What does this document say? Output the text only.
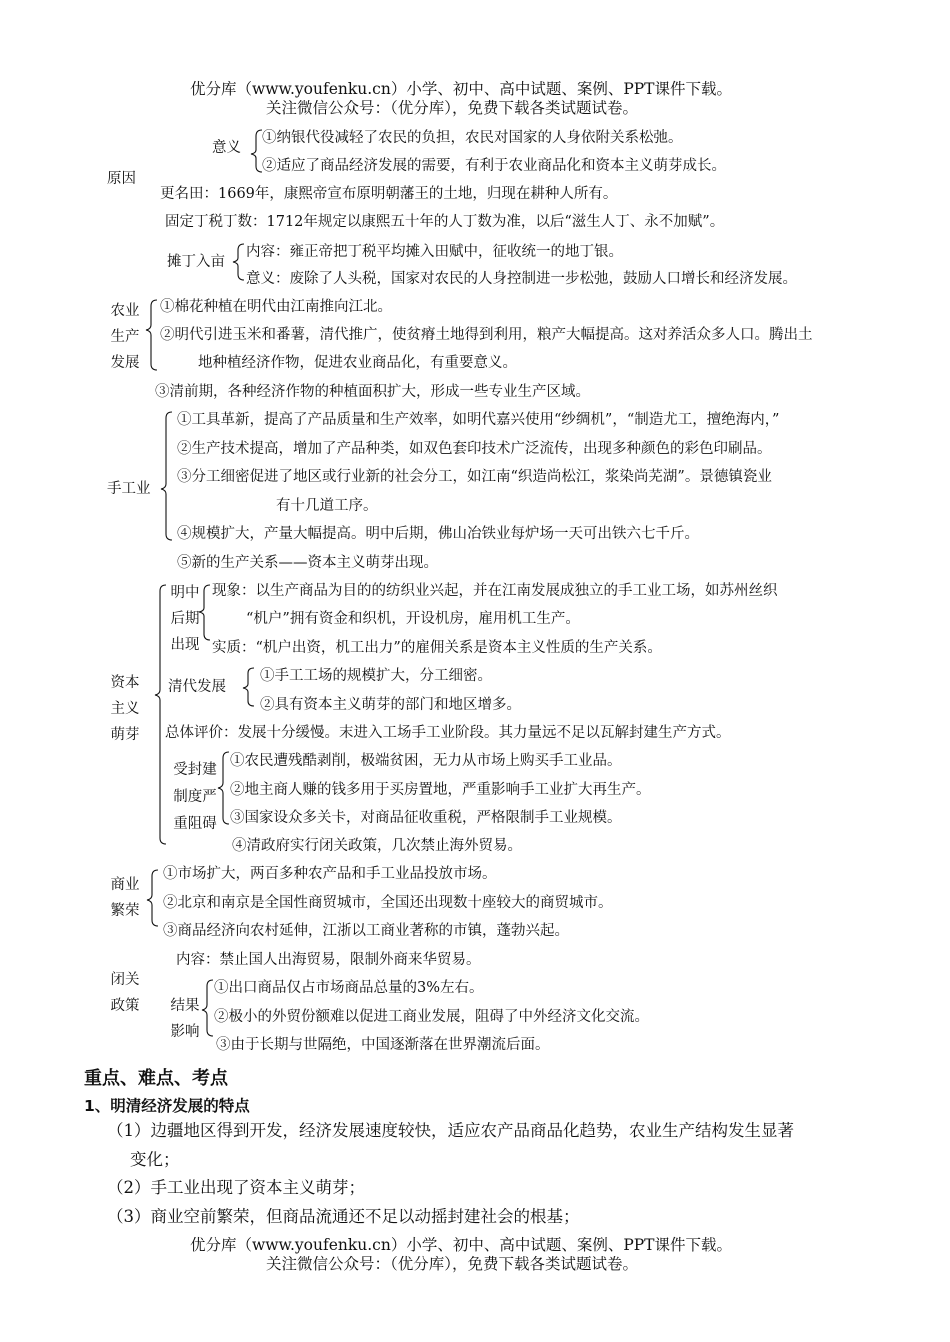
优分库（www.youfenku.cn）小学、初中、高中试题、案例、PPT课件下载。
关注微信公众号：（优分库），免费下载各类试题试卷。
原因
意义
①纳银代役减轻了农民的负担，农民对国家的人身依附关系松弛。
②适应了商品经济发展的需要，有利于农业商品化和资本主义萌芽成长。
更名田：1669年，康熙帝宣布原明朝藩王的土地，归现在耕种人所有。
固定丁税丁数：1712年规定以康熙五十年的人丁数为准，以后“滋生人丁、永不加赋”。
摊丁入亩
内容：雍正帝把丁税平均摊入田赋中，征收统一的地丁银。
意义：废除了人头税，国家对农民的人身控制进一步松弛，鼓励人口增长和经济发展。
农业生产发展
①棉花种植在明代由江南推向江北。
②明代引进玉米和番薯，清代推广，使贫瘠土地得到利用，粮产大幅提高。这对养活众多人口。腾出土
地种植经济作物，促进农业商品化，有重要意义。
③清前期，各种经济作物的种植面积扩大，形成一些专业生产区域。
手工业
①工具革新，提高了产品质量和生产效率，如明代嘉兴使用“纱绸机”，“制造尤工，擅绝海内，”
②生产技术提高，增加了产品种类，如双色套印技术广泛流传，出现多种颜色的彩色印刷品。
③分工细密促进了地区或行业新的社会分工，如江南“织造尚松江，浆染尚芜湖”。景德镇瓷业
有十几道工序。
④规模扩大，产量大幅提高。明中后期，佛山冶铁业每炉场一天可出铁六七千斤。
⑤新的生产关系——资本主义萌芽出现。
资本主义萌芽
明中后期出现
现象：以生产商品为目的的纺织业兴起，并在江南发展成独立的手工业工场，如苏州丝织
“机户”拥有资金和织机，开设机房，雇用机工生产。
实质：“机户出资，机工出力”的雇佣关系是资本主义性质的生产关系。
清代发展
①手工工场的规模扩大，分工细密。
②具有资本主义萌芽的部门和地区增多。
总体评价：发展十分缓慢。末进入工场手工业阶段。其力量远不足以瓦解封建生产方式。
受封建制度严重阻碍
①农民遭残酷剥削，极端贫困，无力从市场上购买手工业品。
②地主商人赚的钱多用于买房置地，严重影响手工业扩大再生产。
③国家设众多关卡，对商品征收重税，严格限制手工业规模。
④清政府实行闭关政策，几次禁止海外贸易。
商业繁荣
①市场扩大，两百多种农产品和手工业品投放市场。
②北京和南京是全国性商贸城市，全国还出现数十座较大的商贸城市。
③商品经济向农村延伸，江浙以工商业著称的市镇，蓬勃兴起。
闭关政策
内容：禁止国人出海贸易，限制外商来华贸易。
结果影响
①出口商品仅占市场商品总量的3%左右。
②极小的外贸份额难以促进工商业发展，阻碍了中外经济文化交流。
③由于长期与世隔绝，中国逐渐落在世界潮流后面。
重点、难点、考点
1、明清经济发展的特点
（1）边疆地区得到开发，经济发展速度较快，适应农产品商品化趋势，农业生产结构发生显著
变化；
（2）手工业出现了资本主义萌芽；
（3）商业空前繁荣，但商品流通还不足以动摇封建社会的根基；
优分库（www.youfenku.cn）小学、初中、高中试题、案例、PPT课件下载。
关注微信公众号：（优分库），免费下载各类试题试卷。
